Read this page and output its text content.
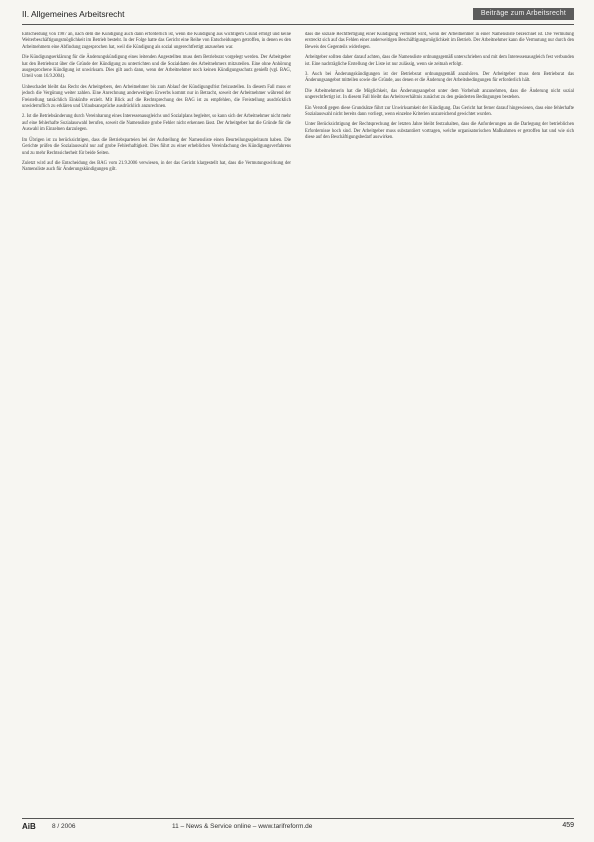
II. Allgemeines Arbeitsrecht	Beiträge zum Arbeitsrecht

Entscheidung von 1987 an, nach dem die Kündigung auch dann erforderlich ist, wenn die Kündigung aus wichtigem Grund erfolgt und keine Weiterbeschäftigungsmöglichkeit im Betrieb besteht. In der Folge hatte das Gericht eine Reihe von Entscheidungen getroffen, in denen es den Arbeitnehmern eine Abfindung zugesprochen hat, weil die Kündigung als sozial ungerechtfertigt anzusehen war.

Die Kündigungserklärung für die Änderungskündigung eines leitenden Angestellten muss dem Betriebsrat vorgelegt werden. Der Arbeitgeber hat den Betriebsrat über die Gründe der Kündigung zu unterrichten und die Sozialdaten des Arbeitnehmers mitzuteilen. Eine ohne Anhörung ausgesprochene Kündigung ist unwirksam. Dies gilt auch dann, wenn der Arbeitnehmer noch keinen Kündigungsschutz genießt (vgl. BAG, Urteil vom 16.9.2004).

Unbeschadet bleibt das Recht des Arbeitgebers, den Arbeitnehmer bis zum Ablauf der Kündigungsfrist freizustellen. In diesem Fall muss er jedoch die Vergütung weiter zahlen. Eine Anrechnung anderweitigen Erwerbs kommt nur in Betracht, soweit der Arbeitnehmer während der Freistellung tatsächlich Einkünfte erzielt. Mit Blick auf die Rechtsprechung des BAG ist zu empfehlen, die Freistellung ausdrücklich unwiderruflich zu erklären und Urlaubsansprüche ausdrücklich anzurechnen.

2. Ist die Betriebsänderung durch Vereinbarung eines Interessenausgleichs und Sozialplans begleitet, so kann sich der Arbeitnehmer nicht mehr auf eine fehlerhafte Sozialauswahl berufen, soweit die Namensliste grobe Fehler nicht erkennen lässt. Der Arbeitgeber hat die Gründe für die Auswahl im Einzelnen darzulegen.

Im Übrigen ist zu berücksichtigen, dass die Betriebsparteien bei der Aufstellung der Namensliste einen Beurteilungsspielraum haben. Die Gerichte prüfen die Sozialauswahl nur auf grobe Fehlerhaftigkeit. Dies führt zu einer erheblichen Vereinfachung des Kündigungsverfahrens und zu mehr Rechtssicherheit für beide Seiten.

Zuletzt wird auf die Entscheidung des BAG vom 21.9.2006 verwiesen, in der das Gericht klargestellt hat, dass die Vermutungswirkung der Namensliste auch für Änderungskündigungen gilt.

dass die soziale Rechtfertigung einer Kündigung vermutet wird, wenn der Arbeitnehmer in einer Namensliste bezeichnet ist. Die Vermutung erstreckt sich auf das Fehlen einer anderweitigen Beschäftigungsmöglichkeit im Betrieb. Der Arbeitnehmer kann die Vermutung nur durch den Beweis des Gegenteils widerlegen.

Arbeitgeber sollten daher darauf achten, dass die Namensliste ordnungsgemäß unterschrieben und mit dem Interessenausgleich fest verbunden ist. Eine nachträgliche Erstellung der Liste ist nur zulässig, wenn sie zeitnah erfolgt.

3. Auch bei Änderungskündigungen ist der Betriebsrat ordnungsgemäß anzuhören. Der Arbeitgeber muss dem Betriebsrat das Änderungsangebot mitteilen sowie die Gründe, aus denen er die Änderung der Arbeitsbedingungen für erforderlich hält.

Die Arbeitnehmerin hat die Möglichkeit, das Änderungsangebot unter dem Vorbehalt anzunehmen, dass die Änderung nicht sozial ungerechtfertigt ist. In diesem Fall bleibt das Arbeitsverhältnis zunächst zu den geänderten Bedingungen bestehen.

Ein Verstoß gegen diese Grundsätze führt zur Unwirksamkeit der Kündigung. Das Gericht hat ferner darauf hingewiesen, dass eine fehlerhafte Sozialauswahl nicht bereits dann vorliegt, wenn einzelne Kriterien unzureichend gewichtet wurden.

Unter Berücksichtigung der Rechtsprechung der letzten Jahre bleibt festzuhalten, dass die Anforderungen an die Darlegung der betrieblichen Erfordernisse hoch sind. Der Arbeitgeber muss substantiiert vortragen, welche organisatorischen Maßnahmen er getroffen hat und wie sich diese auf den Beschäftigungsbedarf auswirken.

AiB 8 / 2006	11 – News & Service online – www.tarifreform.de	459
